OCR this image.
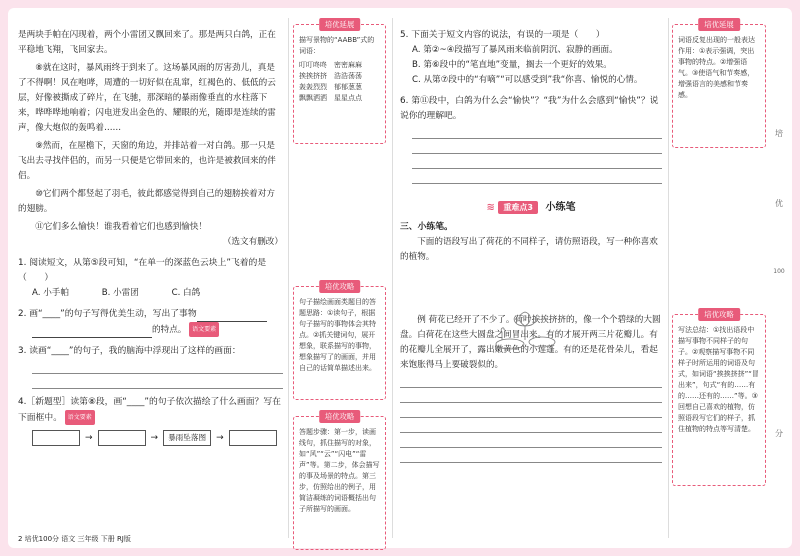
是两块手帕在闪现着，两个小雷团又飘回来了。那是两只白鸽，正在平稳地飞翔，飞回家去。

⑧就在这时，暴风雨终于到来了。这场暴风雨的厉害劲儿，真是了不得啊！风在咆哮，周遭的一切好似在乱窜，红褐色的、低低的云层，好像被撕成了碎片，在飞驰，那深暗的暴雨像垂直的水柱落下来，哗哗哗地响着；闪电迸发出金色的、耀眼的光，随即是连续的雷声，像大炮似的轰鸣着……

⑨然而，在屋檐下，天窗的角边，并排站着一对白鸽。那一只是飞出去寻找伴侣的，而另一只便是它带回来的，也许是被救回来的伴侣。

⑩它们两个都竖起了羽毛，彼此都感觉得到自己的翅膀挨着对方的翅膀。

⑪它们多么愉快！谁我看着它们也感到愉快！

（选文有删改）

1. 阅读短文，从第⑤段可知，“在单一的深蓝色云块上”飞着的是（　　）

A. 小手帕	B. 小雷团	C. 白鸽

2. 画“____”的句子写得优美生动，写出了事物

的特点。 语文要素

3. 读画“____”的句子，我的脑海中浮现出了这样的画面：

4.［新题型］读第⑧段，画“____”的句子依次描绘了什么画面？写在下面框中。 语文要素

→	→	暴雨坠落图	→
培优延展
描写景物的“AABB”式的词语：
叮叮咚咚　 密密麻麻
挨挨挤挤　 浩浩荡荡
轰轰烈烈　 郁郁葱葱
飘飘洒洒　 星星点点
培优攻略
句子描绘画面类题目的答题思路：①读句子，根据句子描写的事物体会其特点。②抓关键词句，展开想象，联系描写的事物，想象描写了的画面，并用自己的话简单描述出来。
培优攻略
答题步骤：第一步，读画线句，抓住描写的对象，如“风”“云”“闪电”“雷声”等。第二步，体会描写的事及场景的特点。第三步，仿照给出的例子，用简洁凝练的词语概括出句子所描写的画面。

5. 下面关于短文内容的说法，有误的一项是（　　）

A. 第②~④段描写了暴风雨来临前阴沉、寂静的画面。

B. 第⑥段中的“笔直地”变量，搁去一个更好的效果。

C. 从第⑦段中的“有嘀”“可以感受到”我“你喜、愉悦的心情。

6. 第⑪段中，白鸽为什么会“愉快”？“我”为什么会感到“愉快”？说说你的理解吧。

≋ 重难点3 小练笔

三、小练笔。

下面的语段写出了荷花的不同样子，请仿照语段，写一种你喜欢的植物。

例 荷花已经开了不少了。荷叶挨挨挤挤的，像一个个碧绿的大圆盘。白荷花在这些大圆盘之间冒出来。有的才展开两三片花瓣儿。有的花瓣儿全展开了，露出嫩黄色的小莲蓬。有的还是花骨朵儿，看起来饱胀得马上要破裂似的。

培优延展
词语反复出现的一般表达作用：①表示强调，突出事物的特点。②增强语气。③使语气和节奏感，增强语言的美感和节奏感。
培优攻略
写法总结：①找出语段中描写事物不同样子的句子。②观察描写事物不同样子时所运用的词语及句式，如词语“挨挨挤挤”“冒出来”，句式“有的……有的……还有的……”等。③回想自己喜欢的植物，仿照语段写它们的样子，抓住植物的特点等写清楚。
培
优
100
分
2 培优100分 语文 三年级 下册 RJ版
